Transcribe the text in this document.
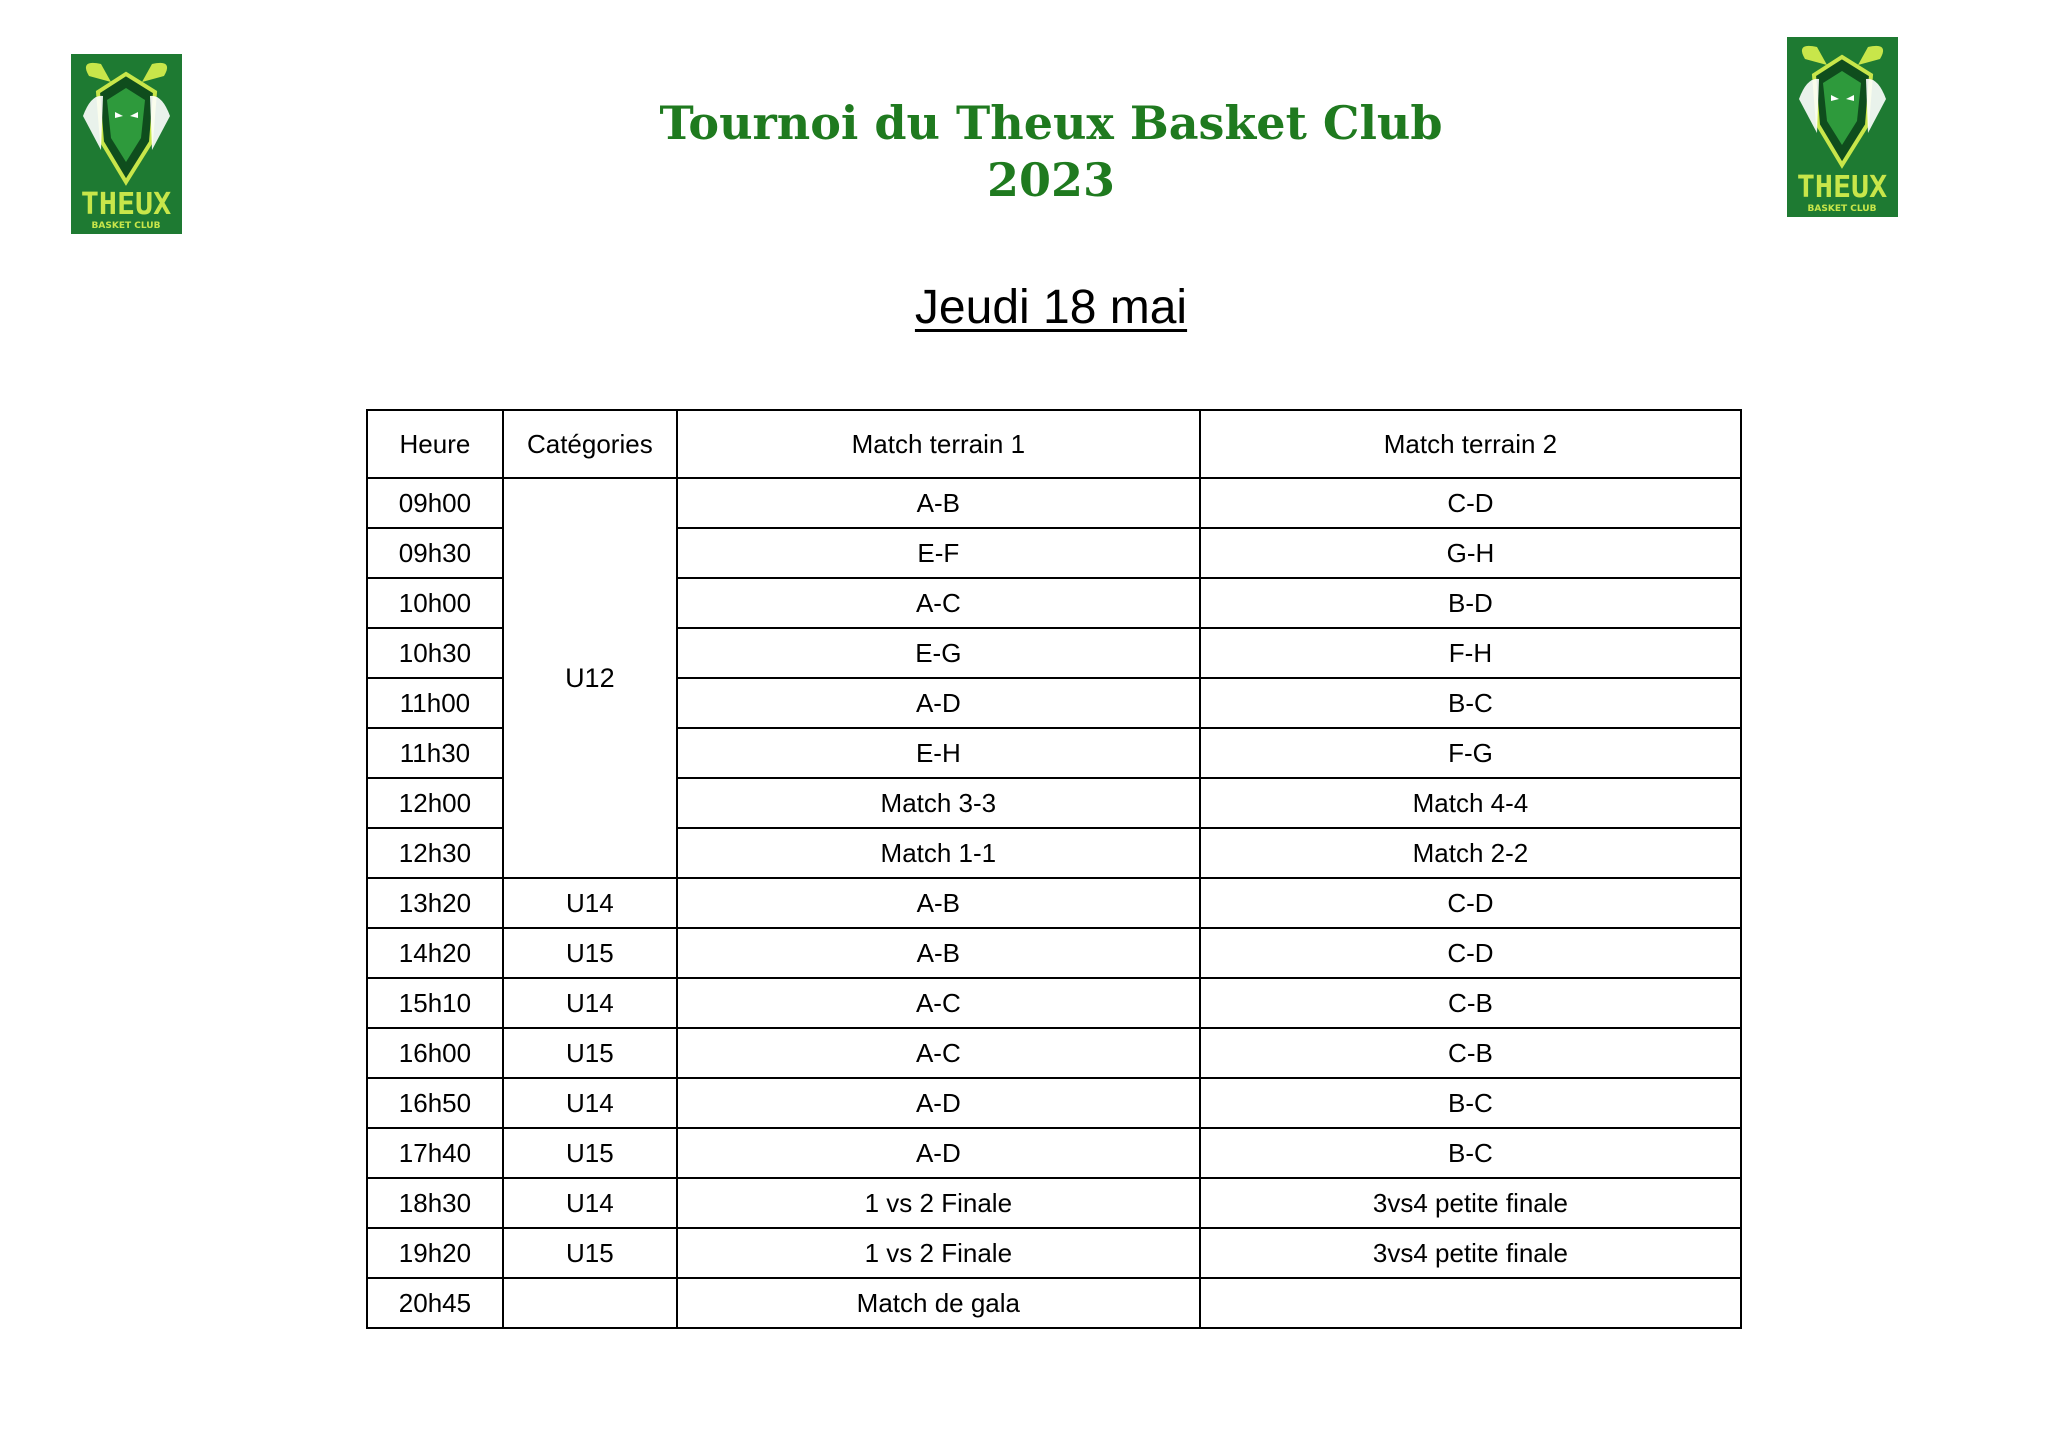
THEUX
BASKET CLUB
THEUX
BASKET CLUB
Tournoi du Theux Basket Club
2023
Jeudi 18 mai
Heure	Catégories	Match terrain 1	Match terrain 2
09h00	U12	A-B	C-D
09h30		E-F	G-H
10h00		A-C	B-D
10h30		E-G	F-H
11h00		A-D	B-C
11h30		E-H	F-G
12h00		Match 3-3	Match 4-4
12h30		Match 1-1	Match 2-2
13h20	U14	A-B	C-D
14h20	U15	A-B	C-D
15h10	U14	A-C	C-B
16h00	U15	A-C	C-B
16h50	U14	A-D	B-C
17h40	U15	A-D	B-C
18h30	U14	1 vs 2 Finale	3vs4 petite finale
19h20	U15	1 vs 2 Finale	3vs4 petite finale
20h45		Match de gala	
